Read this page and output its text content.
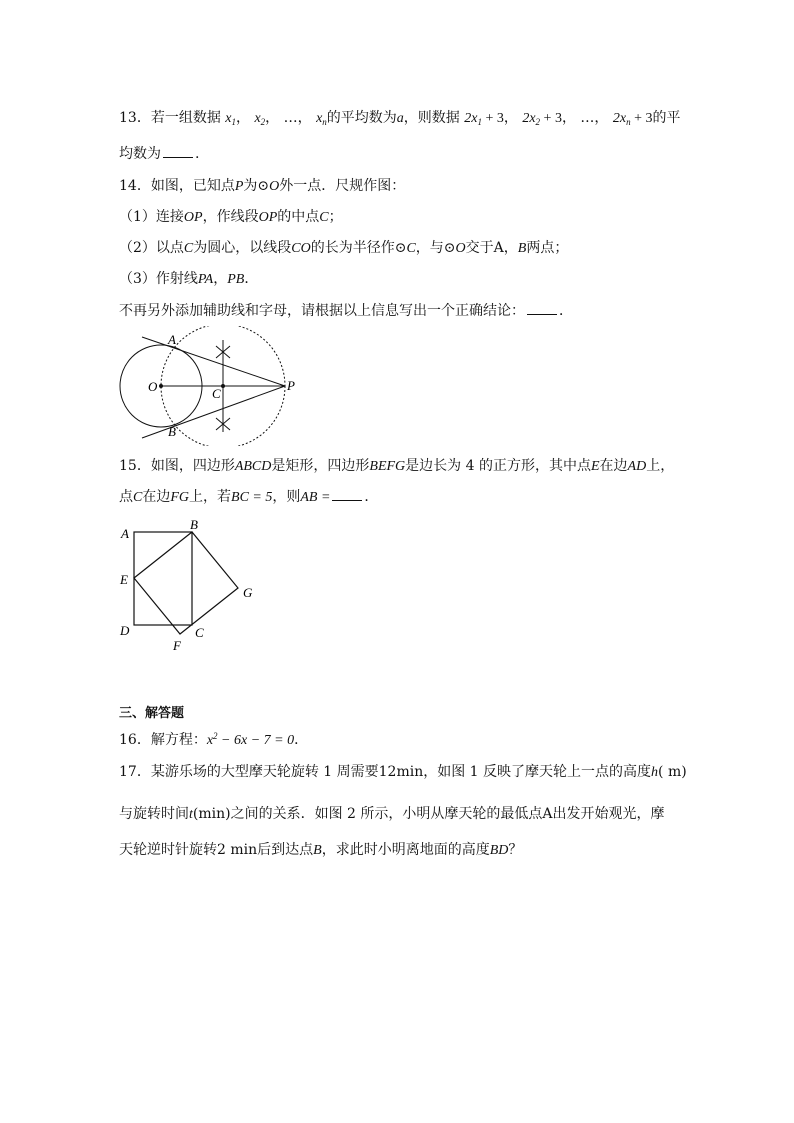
13．若一组数据 $x_1$， $x_2$， …， $x_n$的平均数为a，则数据 $2x_1 + 3$， $2x_2 + 3$， …， $2x_n + 3$的平
均数为 .
14．如图，已知点P为⊙O外一点．尺规作图：
（1）连接OP，作线段OP的中点C；
（2）以点C为圆心，以线段CO的长为半径作⊙C，与⊙O交于A，B两点；
（3）作射线PA，PB．
不再另外添加辅助线和字母，请根据以上信息写出一个正确结论： ．
A
B
O	C
P
15．如图，四边形ABCD是矩形，四边形BEFG是边长为 4 的正方形，其中点E在边AD上，
点C在边FG上，若BC = 5，则AB = ．
A
B
E
G
D	C
F
三、解答题
16．解方程：$x^2 - 6x - 7 = 0$．
17．某游乐场的大型摩天轮旋转 1 周需要12min，如图 1 反映了摩天轮上一点的高度h( m)
与旋转时间t(min)之间的关系．如图 2 所示，小明从摩天轮的最低点A出发开始观光，摩
天轮逆时针旋转2 min后到达点B，求此时小明离地面的高度BD？
